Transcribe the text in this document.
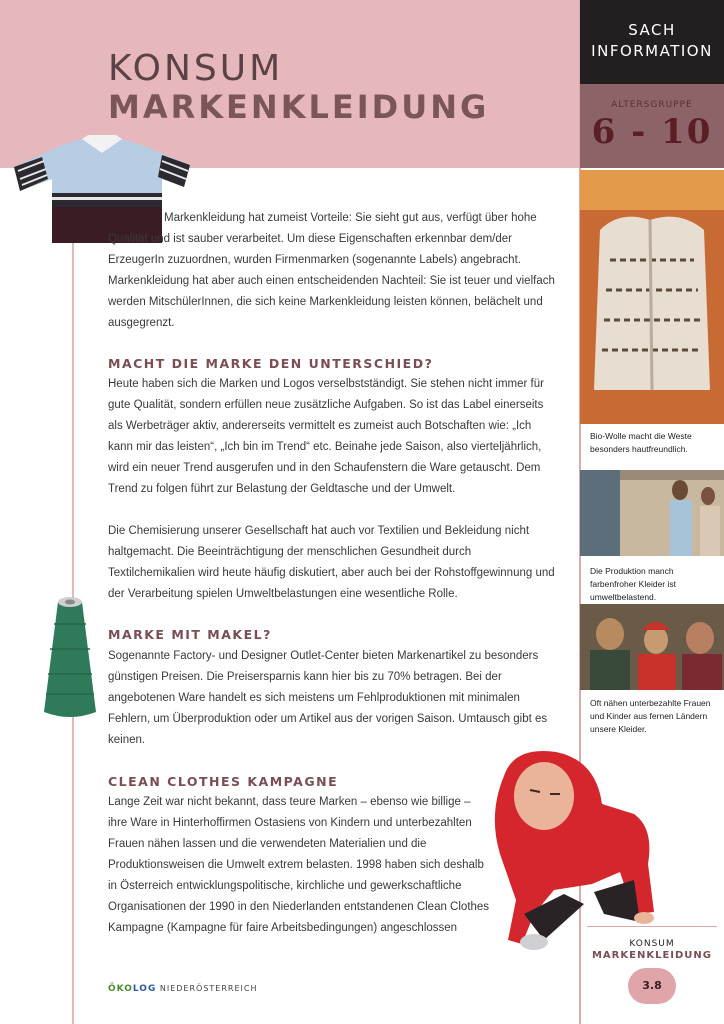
KONSUM
MARKENKLEIDUNG

Markenkleidung hat zumeist Vorteile: Sie sieht gut aus, verfügt über hohe Qualität und ist sauber verarbeitet. Um diese Eigenschaften erkennbar dem/der ErzeugerIn zuzuordnen, wurden Firmenmarken (sogenannte Labels) angebracht. Markenkleidung hat aber auch einen entscheidenden Nachteil: Sie ist teuer und vielfach werden MitschülerInnen, die sich keine Markenkleidung leisten können, belächelt und ausgegrenzt.

MACHT DIE MARKE DEN UNTERSCHIED?

Heute haben sich die Marken und Logos verselbstständigt. Sie stehen nicht immer für gute Qualität, sondern erfüllen neue zusätzliche Aufgaben. So ist das Label einerseits als Werbeträger aktiv, andererseits vermittelt es zumeist auch Botschaften wie: „Ich kann mir das leisten“, „Ich bin im Trend“ etc. Beinahe jede Saison, also vierteljährlich, wird ein neuer Trend ausgerufen und in den Schaufenstern die Ware getauscht. Dem Trend zu folgen führt zur Belastung der Geldtasche und der Umwelt.

Die Chemisierung unserer Gesellschaft hat auch vor Textilien und Bekleidung nicht haltgemacht. Die Beeinträchtigung der menschlichen Gesundheit durch Textilchemikalien wird heute häufig diskutiert, aber auch bei der Rohstoffgewinnung und der Verarbeitung spielen Umweltbelastungen eine wesentliche Rolle.

MARKE MIT MAKEL?

Sogenannte Factory- und Designer Outlet-Center bieten Markenartikel zu besonders günstigen Preisen. Die Preisersparnis kann hier bis zu 70% betragen. Bei der angebotenen Ware handelt es sich meistens um Fehlproduktionen mit minimalen Fehlern, um Überproduktion oder um Artikel aus der vorigen Saison. Umtausch gibt es keinen.

CLEAN CLOTHES KAMPAGNE

Lange Zeit war nicht bekannt, dass teure Marken – ebenso wie billige – ihre Ware in Hinterhoffirmen Ostasiens von Kindern und unterbezahlten Frauen nähen lassen und die verwendeten Materialien und die Produktionsweisen die Umwelt extrem belasten. 1998 haben sich deshalb in Österreich entwicklungspolitische, kirchliche und gewerkschaftliche Organisationen der 1990 in den Niederlanden entstandenen Clean Clothes Kampagne (Kampagne für faire Arbeitsbedingungen) angeschlossen

SACH
INFORMATION
ALTERSGRUPPE
6 - 10
Bio-Wolle macht die Weste besonders hautfreundlich.
Die Produktion manch farbenfroher Kleider ist umweltbelastend.
Oft nähen unterbezahlte Frauen und Kinder aus fernen Ländern unsere Kleider.
KONSUM
MARKENKLEIDUNG
3.8
ÖKOLOG NIEDERÖSTERREICH
